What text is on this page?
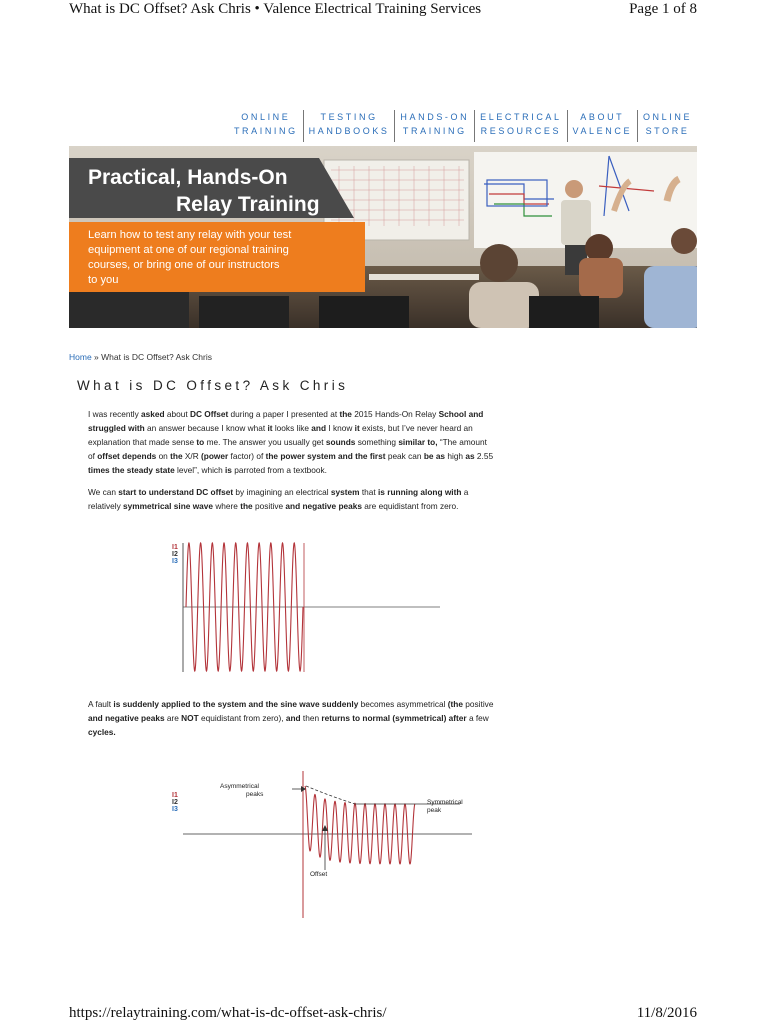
What is DC Offset? Ask Chris • Valence Electrical Training Services	Page 1 of 8
ONLINE
TRAINING
TESTING
HANDBOOKS
HANDS-ON
TRAINING
ELECTRICAL
RESOURCES
ABOUT
VALENCE
ONLINE
STORE
Practical, Hands-On
Relay Training
Learn how to test any relay with your test
equipment at one of our regional training
courses, or bring one of our instructors
to you
Home » What is DC Offset? Ask Chris
What is DC Offset? Ask Chris
I was recently asked about DC Offset during a paper I presented at the 2015 Hands-On Relay School and
struggled with an answer because I know what it looks like and I know it exists, but I’ve never heard an
explanation that made sense to me. The answer you usually get sounds something similar to, “The amount
of offset depends on the X/R (power factor) of the power system and the first peak can be as high as 2.55
times the steady state level”, which is parroted from a textbook.
We can start to understand DC offset by imagining an electrical system that is running along with a
relatively symmetrical sine wave where the positive and negative peaks are equidistant from zero.
I1
I2
I3
A fault is suddenly applied to the system and the sine wave suddenly becomes asymmetrical (the positive
and negative peaks are NOT equidistant from zero), and then returns to normal (symmetrical) after a few
cycles.
I1
I2
I3
Asymmetrical
peaks
Symmetrical
peak
Offset
https://relaytraining.com/what-is-dc-offset-ask-chris/	11/8/2016
